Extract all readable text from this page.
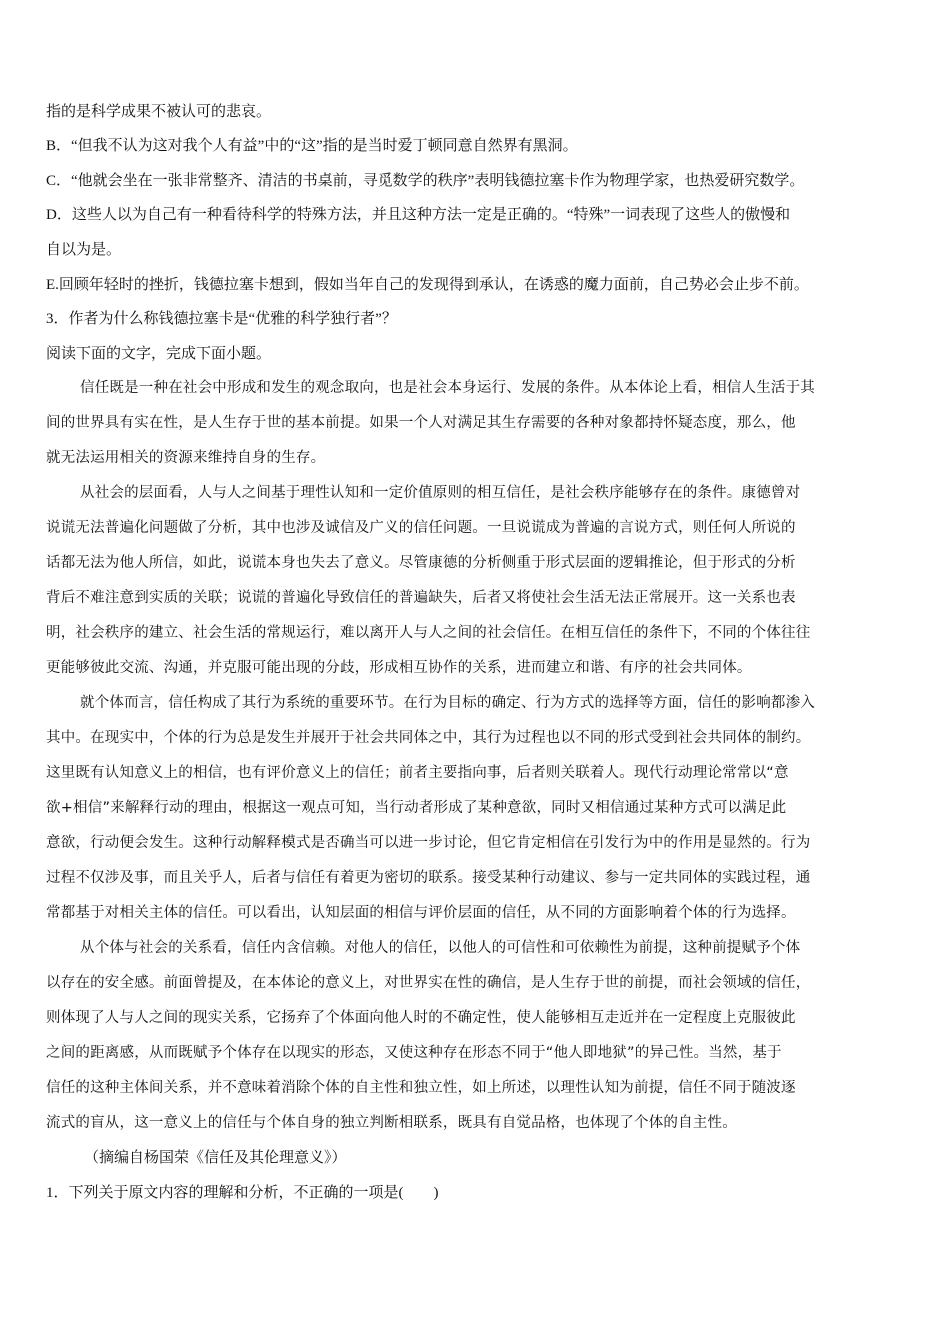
指的是科学成果不被认可的悲哀。
B．“但我不认为这对我个人有益”中的“这”指的是当时爱丁顿同意自然界有黑洞。
C．“他就会坐在一张非常整齐、清洁的书桌前，寻觅数学的秩序”表明钱德拉塞卡作为物理学家，也热爱研究数学。
D．这些人以为自己有一种看待科学的特殊方法，并且这种方法一定是正确的。“特殊”一词表现了这些人的傲慢和
自以为是。
E.回顾年轻时的挫折，钱德拉塞卡想到，假如当年自己的发现得到承认，在诱惑的魔力面前，自己势必会止步不前。
3．作者为什么称钱德拉塞卡是“优雅的科学独行者”？
阅读下面的文字，完成下面小题。
信任既是一种在社会中形成和发生的观念取向，也是社会本身运行、发展的条件。从本体论上看，相信人生活于其
间的世界具有实在性，是人生存于世的基本前提。如果一个人对满足其生存需要的各种对象都持怀疑态度，那么，他
就无法运用相关的资源来维持自身的生存。
从社会的层面看，人与人之间基于理性认知和一定价值原则的相互信任，是社会秩序能够存在的条件。康德曾对
说谎无法普遍化问题做了分析，其中也涉及诚信及广义的信任问题。一旦说谎成为普遍的言说方式，则任何人所说的
话都无法为他人所信，如此，说谎本身也失去了意义。尽管康德的分析侧重于形式层面的逻辑推论，但于形式的分析
背后不难注意到实质的关联；说谎的普遍化导致信任的普遍缺失，后者又将使社会生活无法正常展开。这一关系也表
明，社会秩序的建立、社会生活的常规运行，难以离开人与人之间的社会信任。在相互信任的条件下，不同的个体往往
更能够彼此交流、沟通，并克服可能出现的分歧，形成相互协作的关系，进而建立和谐、有序的社会共同体。
就个体而言，信任构成了其行为系统的重要环节。在行为目标的确定、行为方式的选择等方面，信任的影响都渗入
其中。在现实中，个体的行为总是发生并展开于社会共同体之中，其行为过程也以不同的形式受到社会共同体的制约。
这里既有认知意义上的相信，也有评价意义上的信任；前者主要指向事，后者则关联着人。现代行动理论常常以“意
欲+相信”来解释行动的理由，根据这一观点可知，当行动者形成了某种意欲，同时又相信通过某种方式可以满足此
意欲，行动便会发生。这种行动解释模式是否确当可以进一步讨论，但它肯定相信在引发行为中的作用是显然的。行为
过程不仅涉及事，而且关乎人，后者与信任有着更为密切的联系。接受某种行动建议、参与一定共同体的实践过程，通
常都基于对相关主体的信任。可以看出，认知层面的相信与评价层面的信任，从不同的方面影响着个体的行为选择。
从个体与社会的关系看，信任内含信赖。对他人的信任，以他人的可信性和可依赖性为前提，这种前提赋予个体
以存在的安全感。前面曾提及，在本体论的意义上，对世界实在性的确信，是人生存于世的前提，而社会领域的信任，
则体现了人与人之间的现实关系，它扬弃了个体面向他人时的不确定性，使人能够相互走近并在一定程度上克服彼此
之间的距离感，从而既赋予个体存在以现实的形态，又使这种存在形态不同于“他人即地狱”的异己性。当然，基于
信任的这种主体间关系，并不意味着消除个体的自主性和独立性，如上所述，以理性认知为前提，信任不同于随波逐
流式的盲从，这一意义上的信任与个体自身的独立判断相联系，既具有自觉品格，也体现了个体的自主性。
（摘编自杨国荣《信任及其伦理意义》）
1．下列关于原文内容的理解和分析，不正确的一项是(　　)
